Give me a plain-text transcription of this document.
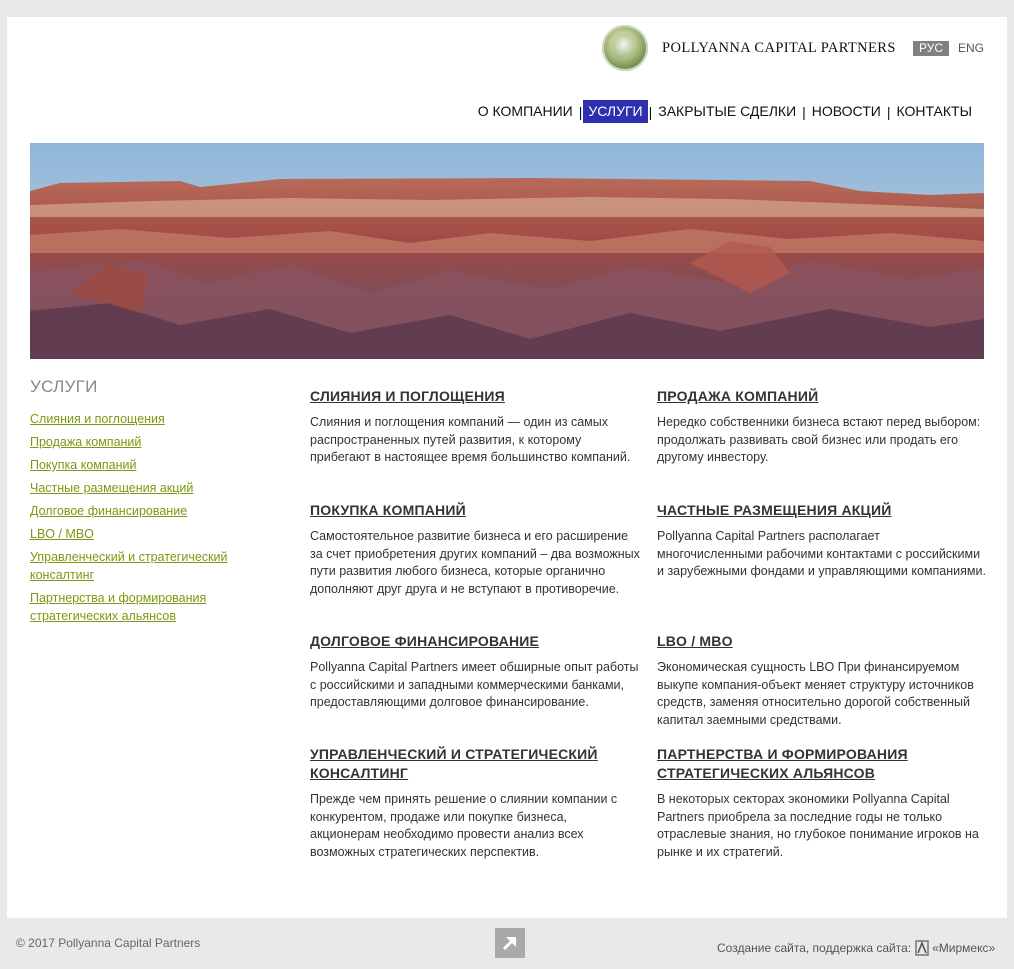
POLLYANNA CAPITAL PARTNERS	РУС	ENG
О КОМПАНИИ | УСЛУГИ | ЗАКРЫТЫЕ СДЕЛКИ | НОВОСТИ | КОНТАКТЫ
УСЛУГИ
Слияния и поглощения
Продажа компаний
Покупка компаний
Частные размещения акций
Долговое финансирование
LBO / MBO
Управленческий и стратегический консалтинг
Партнерства и формирования стратегических альянсов
СЛИЯНИЯ И ПОГЛОЩЕНИЯ

Слияния и поглощения компаний — один из самых распространенных путей развития, к которому прибегают в настоящее время большинство компаний.

ПРОДАЖА КОМПАНИЙ

Нередко собственники бизнеса встают перед выбором: продолжать развивать свой бизнес или продать его другому инвестору.

ПОКУПКА КОМПАНИЙ

Самостоятельное развитие бизнеса и его расширение за счет приобретения других компаний – два возможных пути развития любого бизнеса, которые органично дополняют друг друга и не вступают в противоречие.

ЧАСТНЫЕ РАЗМЕЩЕНИЯ АКЦИЙ

Pollyanna Capital Partners располагает многочисленными рабочими контактами с российскими и зарубежными фондами и управляющими компаниями.

ДОЛГОВОЕ ФИНАНСИРОВАНИЕ

Pollyanna Capital Partners имеет обширные опыт работы с российскими и западными коммерческими банками, предоставляющими долговое финансирование.

LBO / MBO

Экономическая сущность LBO При финансируемом выкупе компания-объект меняет структуру источников средств, заменяя относительно дорогой собственный капитал заемными средствами.

УПРАВЛЕНЧЕСКИЙ И СТРАТЕГИЧЕСКИЙ КОНСАЛТИНГ

Прежде чем принять решение о слиянии компании с конкурентом, продаже или покупке бизнеса, акционерам необходимо провести анализ всех возможных стратегических перспектив.

ПАРТНЕРСТВА И ФОРМИРОВАНИЯ СТРАТЕГИЧЕСКИХ АЛЬЯНСОВ

В некоторых секторах экономики Pollyanna Capital Partners приобрела за последние годы не только отраслевые знания, но глубокое понимание игроков на рынке и их стратегий.

© 2017 Pollyanna Capital Partners	Создание сайта, поддержка сайта: «Мирмекс»
